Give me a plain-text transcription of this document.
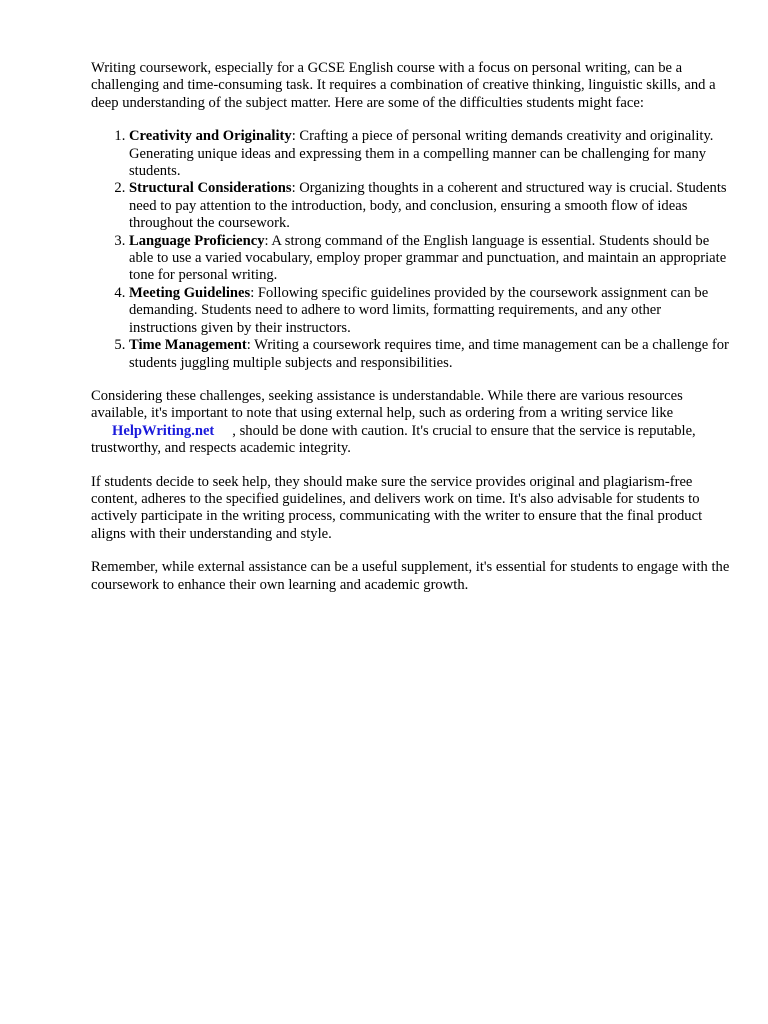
Writing coursework, especially for a GCSE English course with a focus on personal writing, can be a challenging and time-consuming task. It requires a combination of creative thinking, linguistic skills, and a deep understanding of the subject matter. Here are some of the difficulties students might face:

1. Creativity and Originality: Crafting a piece of personal writing demands creativity and originality. Generating unique ideas and expressing them in a compelling manner can be challenging for many students.
2. Structural Considerations: Organizing thoughts in a coherent and structured way is crucial. Students need to pay attention to the introduction, body, and conclusion, ensuring a smooth flow of ideas throughout the coursework.
3. Language Proficiency: A strong command of the English language is essential. Students should be able to use a varied vocabulary, employ proper grammar and punctuation, and maintain an appropriate tone for personal writing.
4. Meeting Guidelines: Following specific guidelines provided by the coursework assignment can be demanding. Students need to adhere to word limits, formatting requirements, and any other instructions given by their instructors.
5. Time Management: Writing a coursework requires time, and time management can be a challenge for students juggling multiple subjects and responsibilities.

Considering these challenges, seeking assistance is understandable. While there are various resources available, it's important to note that using external help, such as ordering from a writing service like
HelpWriting.net , should be done with caution. It's crucial to ensure that the service is reputable, trustworthy, and respects academic integrity.

If students decide to seek help, they should make sure the service provides original and plagiarism-free content, adheres to the specified guidelines, and delivers work on time. It's also advisable for students to actively participate in the writing process, communicating with the writer to ensure that the final product aligns with their understanding and style.

Remember, while external assistance can be a useful supplement, it's essential for students to engage with the coursework to enhance their own learning and academic growth.
